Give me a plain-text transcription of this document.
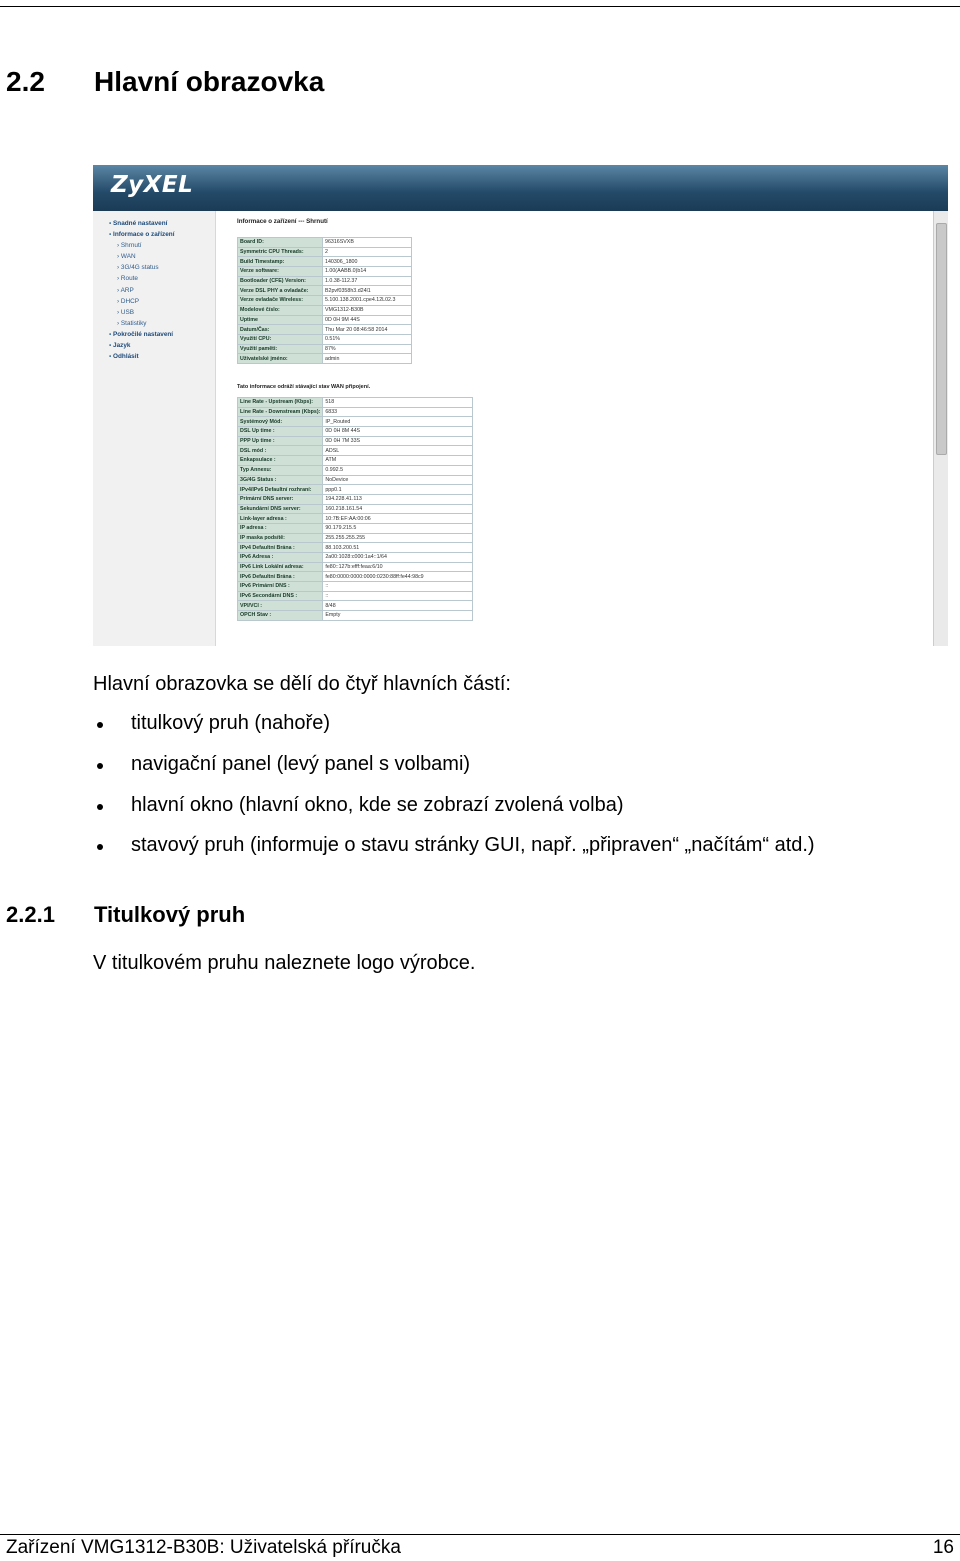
2.2 Hlavní obrazovka
ZyXEL
▪ Snadné nastavení
▪ Informace o zařízení
› Shrnutí
› WAN
› 3G/4G status
› Route
› ARP
› DHCP
› USB
› Statistiky
▪ Pokročilé nastavení
▪ Jazyk
▪ Odhlásit
Informace o zařízení --- Shrnutí
Board ID:	96316SVXB
Symmetric CPU Threads:	2
Build Timestamp:	140306_1800
Verze software:	1.00(AABB.0)b14
Bootloader (CFE) Version:	1.0.38-112.37
Verze DSL PHY a ovladače:	B2pvf0358h3.d24l1
Verze ovladače Wireless:	5.100.138.2001.cpe4.12L02.3
Modelové číslo:	VMG1312-B30B
Uptime	0D 0H 9M 44S
Datum/Čas:	Thu Mar 20 08:46:58 2014
Využití CPU:	0.51%
Využití paměti:	87%
Uživatelské jméno:	admin
Tato informace odráží stávající stav WAN připojení.
Line Rate - Upstream (Kbps):	518
Line Rate - Downstream (Kbps):	6833
Systémový Mód:	IP_Routed
DSL Up time :	0D 0H 8M 44S
PPP Up time :	0D 0H 7M 33S
DSL mód :	ADSL
Enkapsulace :	ATM
Typ Annexu:	0.992.5
3G/4G Status :	NoDevice
IPv4/IPv6 Defaultní rozhraní:	ppp0.1
Primární DNS server:	194.228.41.113
Sekundární DNS server:	160.218.161.54
Link-layer adresa :	10:7B:EF:AA:00:06
IP adresa :	90.179.215.5
IP maska podsítě:	255.255.255.255
IPv4 Defaultní Brána :	88.103.200.51
IPv6 Adresa :	2a00:1028:c000:1a4::1/64
IPv6 Link Lokální adresa:	fe80::127b:efff:feaa:6/10
IPv6 Defaultní Brána :	fe80:0000:0000:0000:0230:88ff:fe44:98c9
IPv6 Primární DNS :	::
IPv6 Secondární DNS :	::
VPI/VCI :	8/48
OPCH Stav :	Empty

Hlavní obrazovka se dělí do čtyř hlavních částí:

titulkový pruh (nahoře)
navigační panel (levý panel s volbami)
hlavní okno (hlavní okno, kde se zobrazí zvolená volba)
stavový pruh (informuje o stavu stránky GUI, např. „připraven“ „načítám“ atd.)
2.2.1 Titulkový pruh

V titulkovém pruhu naleznete logo výrobce.

Zařízení VMG1312-B30B: Uživatelská příručka	16
